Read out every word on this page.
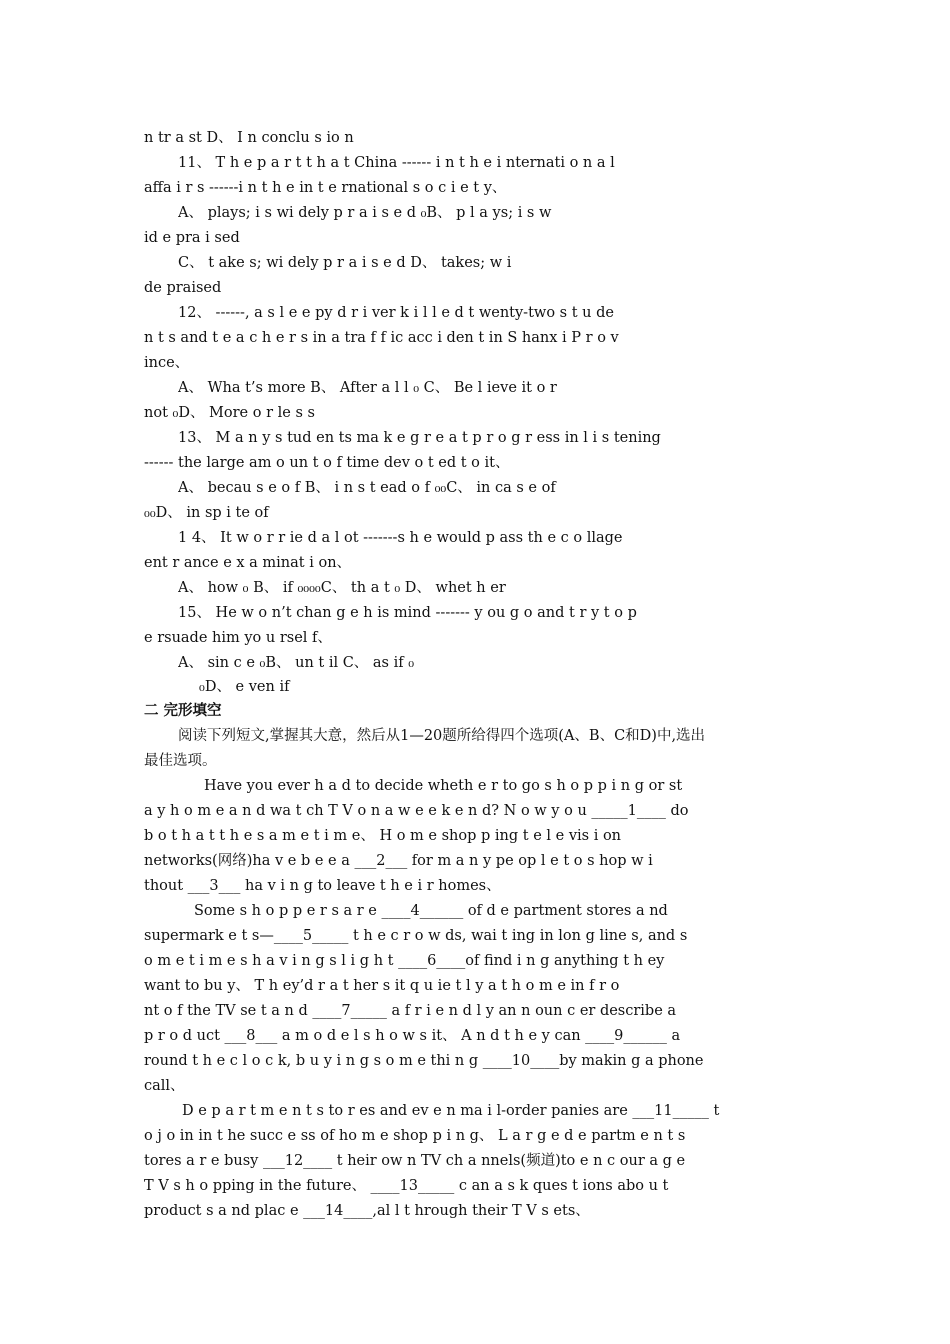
n tr a st D、 I n conclu s io n
11、 T h e p a r t t h a t China ‐‐‐‐‐‐ i n t h e i nternati o n a l
affa i r s ‐‐‐‐‐‐i n t h e in t e rnational s o c i e t y、
A、 plays; i s wi dely p r a i s e d ₀B、 p l a ys; i s w
id e pra i sed
C、 t ake s; wi dely p r a i s e d D、 takes; w i
de praised
12、 ‐‐‐‐‐‐, a s l e e py d r i ver k i l l e d t wenty‐two s t u de
n t s and t e a c h e r s in a tra f f ic acc i den t in S hanx i P r o v
ince、
A、 Wha t’s more B、 After a l l ₀ C、 Be l ieve it o r
not ₀D、 More o r le s s
13、 M a n y s tud en ts ma k e g r e a t p r o g r ess in l i s tening
‐‐‐‐‐‐ the large am o un t o f time dev o t ed t o it、
A、 becau s e o f B、 i n s t ead o f ₀₀C、 in ca s e of
₀₀D、 in sp i te of
1 4、 It w o r r ie d a l ot ‐‐‐‐‐‐‐s h e would p ass th e c o llage
ent r ance e x a minat i on、
A、 how ₀ B、 if ₀₀₀₀C、 th a t ₀ D、 whet h er
15、 He w o n’t chan g e h is mind ‐‐‐‐‐‐‐ y ou g o and t r y t o p
e rsuade him yo u rsel f、
A、 sin c e ₀B、 un t il C、 as if ₀
₀D、 e ven if
二 完形填空
阅读下列短文,掌握其大意，然后从1—20题所给得四个选项(A、B、C和D)中,选出
最佳选项。
Have you ever h a d to decide wheth e r to go s h o p p i n g or st
a y h o m e a n d wa t ch T V o n a w e e k e n d? N o w y o u _____1____ do
b o t h a t t h e s a m e t i m e、 H o m e shop p ing t e l e vis i on
networks(网络)ha v e b e e a ___2___ for m a n y pe op l e t o s hop w i
thout ___3___ ha v i n g to leave t h e i r homes、
Some s h o p p e r s a r e ____4______ of d e partment stores a nd
supermark e t s—____5_____ t h e c r o w ds, wai t ing in lon g line s, and s
o m e t i m e s h a v i n g s l i g h t ____6____of find i n g anything t h ey
want to bu y、 T h ey’d r a t her s it q u ie t l y a t h o m e in f r o
nt o f the TV se t a n d ____7_____ a f r i e n d l y an n oun c er describe a
p r o d uct ___8___ a m o d e l s h o w s it、 A n d t h e y can ____9______ a
round t h e c l o c k, b u y i n g s o m e thi n g ____10____by makin g a phone
call、
D e p a r t m e n t s to r es and ev e n ma i l‐order panies are ___11_____ t
o j o in in t he succ e ss of ho m e shop p i n g、 L a r g e d e partm e n t s
tores a r e busy ___12____ t heir ow n TV ch a nnels(频道)to e n c our a g e
T V s h o pping in the future、 ____13_____ c an a s k ques t ions abo u t
product s a nd plac e ___14____,al l t hrough their T V s ets、
